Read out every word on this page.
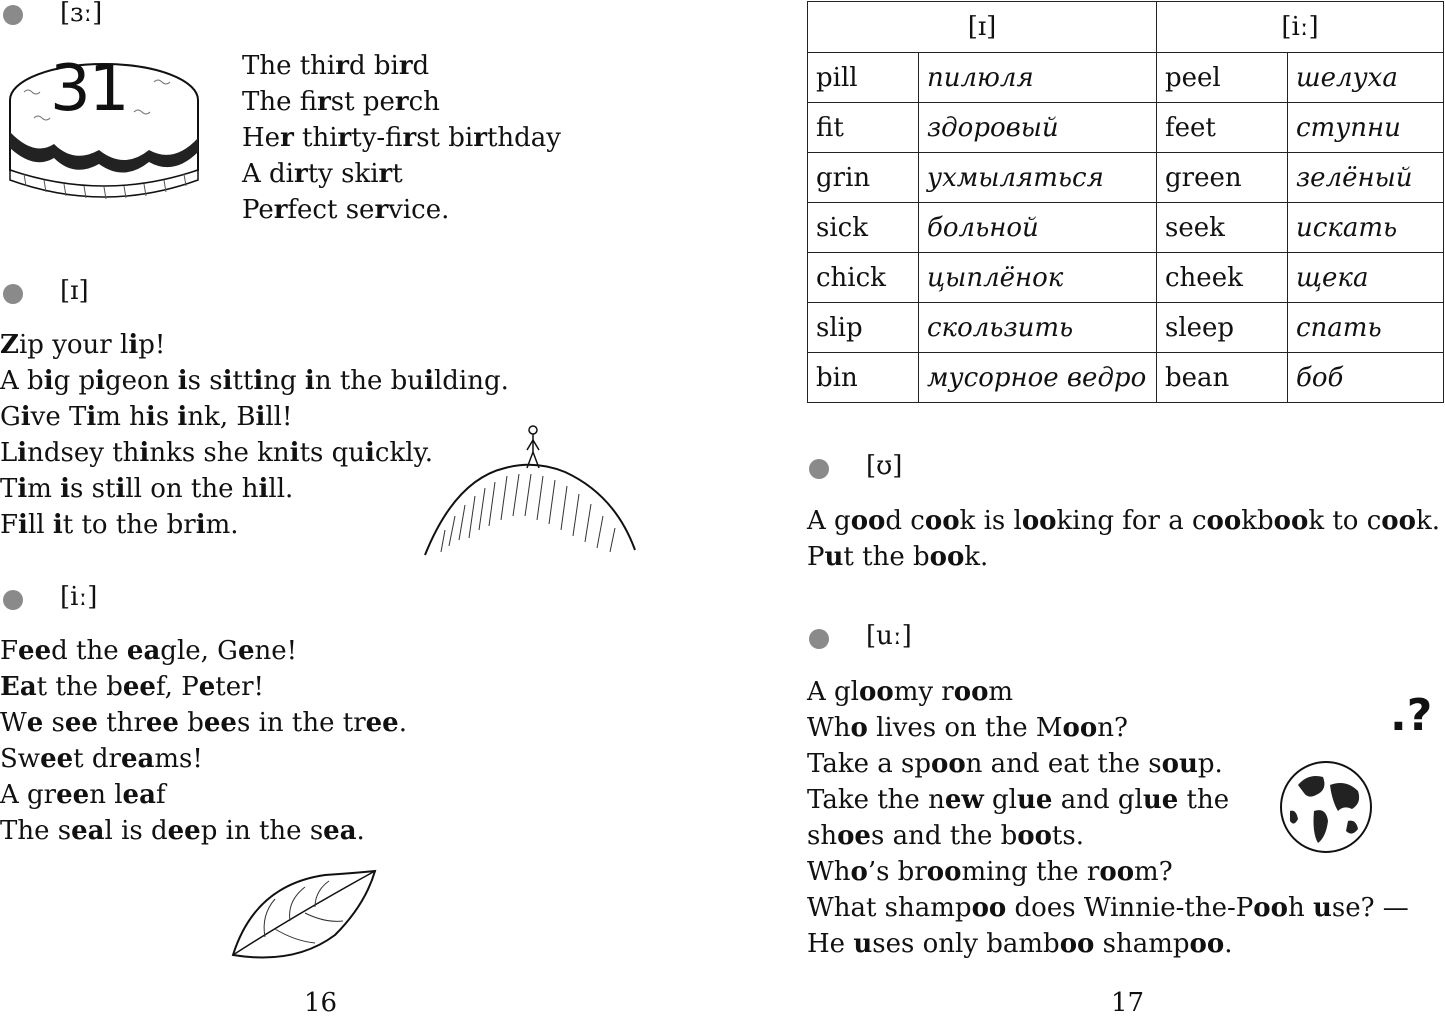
[ɜː]
31	The third bird
The first perch
Her thirty-first birthday
A dirty skirt
Perfect service.
[ɪ]
Zip your lip!
A big pigeon is sitting in the building.
Give Tim his ink, Bill!
Lindsey thinks she knits quickly.
Tim is still on the hill.
Fill it to the brim.
[iː]
Feed the eagle, Gene!
Eat the beef, Peter!
We see three bees in the tree.
Sweet dreams!
A green leaf
The seal is deep in the sea.
16
[ɪ]		[iː]	
pill	пилюля	peel	шелуха
fit	здоровый	feet	ступни
grin	ухмыляться	green	зелёный
sick	больной	seek	искать
chick	цыплёнок	cheek	щека
slip	скользить	sleep	спать
bin	мусорное ведро	bean	боб
[ʊ]
A good cook is looking for a cookbook to cook.
Put the book.
[uː]
A gloomy room
Who lives on the Moon?
Take a spoon and eat the soup.
Take the new glue and glue the
shoes and the boots.
Who’s brooming the room?
What shampoo does Winnie-the-Pooh use? —
He uses only bamboo shampoo.
.?
17
